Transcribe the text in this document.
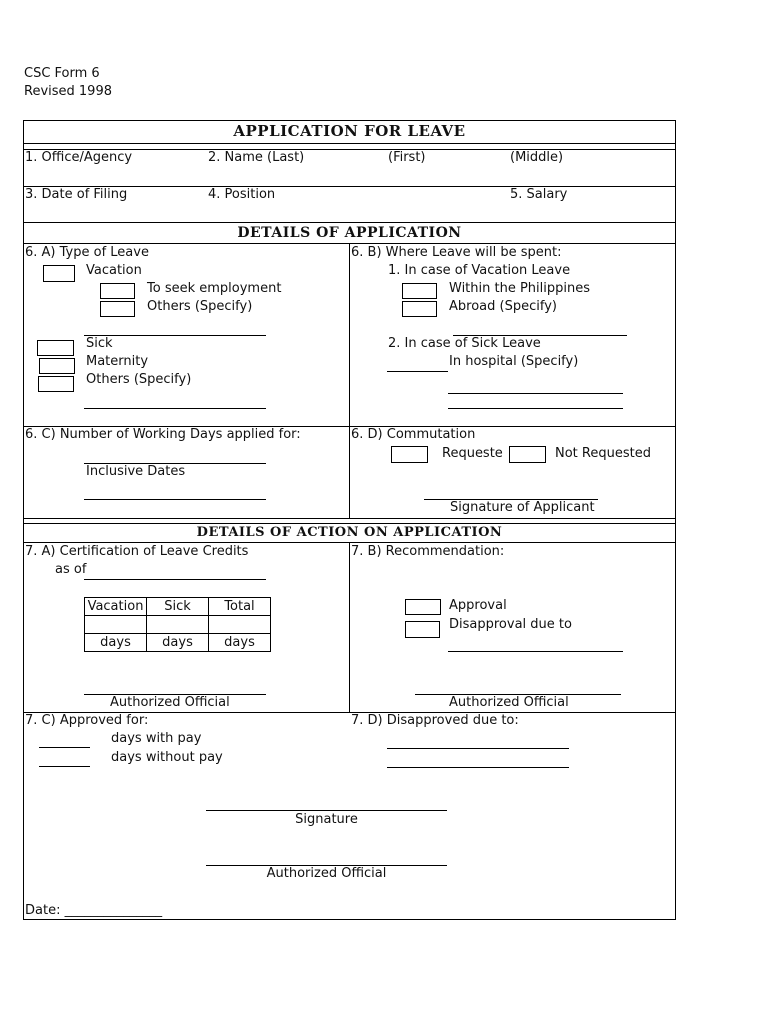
CSC Form 6
Revised 1998
APPLICATION FOR LEAVE
1. Office/Agency	2. Name (Last)	(First)	(Middle)
3. Date of Filing	4. Position	5. Salary
DETAILS OF APPLICATION
6. A) Type of Leave
Vacation
To seek employment
Others (Specify)
Sick
Maternity
Others (Specify)
6. B) Where Leave will be spent:
1. In case of Vacation Leave
Within the Philippines
Abroad (Specify)
2. In case of Sick Leave
In hospital (Specify)
6. C) Number of Working Days applied for:
Inclusive Dates
6. D) Commutation
Requeste	Not Requested
Signature of Applicant
DETAILS OF ACTION ON APPLICATION
7. A) Certification of Leave Credits
as of
Vacation	Sick	Total

days	days	days
Authorized Official
7. B) Recommendation:
Approval
Disapproval due to
Authorized Official
7. C) Approved for:
days with pay
days without pay
7. D) Disapproved due to:
Signature
Authorized Official
Date: _______________
